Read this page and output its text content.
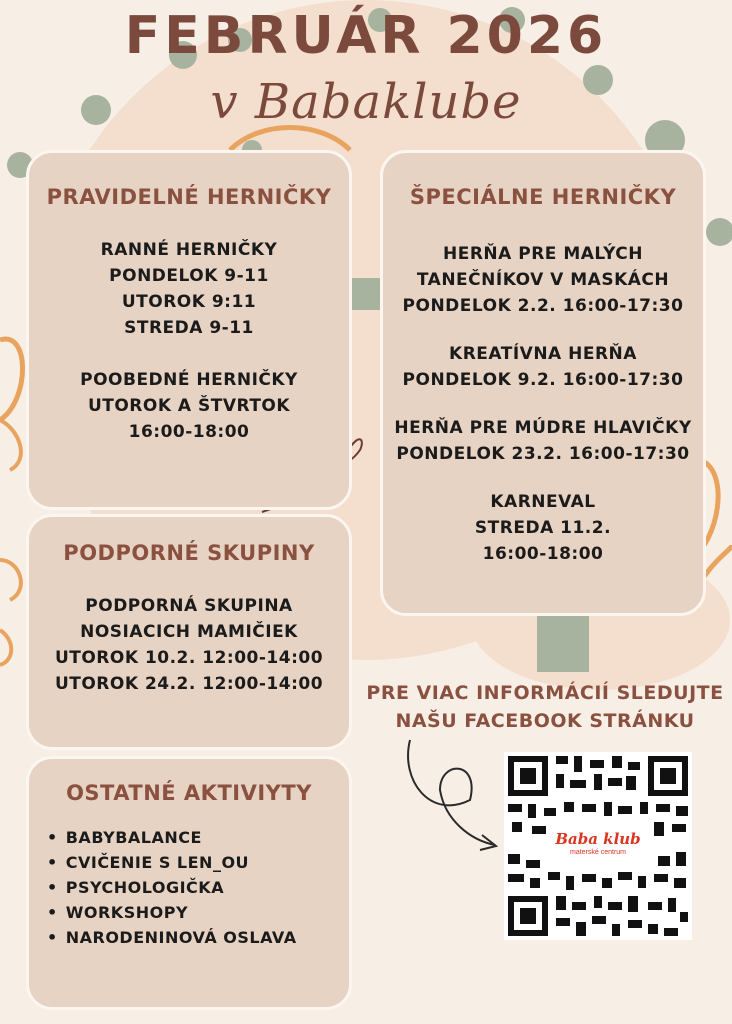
FEBRUÁR 2026
v Babaklube
PRAVIDELNÉ HERNIČKY
RANNÉ HERNIČKY
PONDELOK 9-11
UTOROK 9:11
STREDA 9-11
POOBEDNÉ HERNIČKY
UTOROK A ŠTVRTOK
16:00-18:00
ŠPECIÁLNE HERNIČKY
HERŇA PRE MALÝCH
TANEČNÍKOV V MASKÁCH
PONDELOK 2.2. 16:00-17:30
KREATÍVNA HERŇA
PONDELOK 9.2. 16:00-17:30
HERŇA PRE MÚDRE HLAVIČKY
PONDELOK 23.2. 16:00-17:30
KARNEVAL
STREDA 11.2.
16:00-18:00
PODPORNÉ SKUPINY
PODPORNÁ SKUPINA
NOSIACICH MAMIČIEK
UTOROK 10.2. 12:00-14:00
UTOROK 24.2. 12:00-14:00
OSTATNÉ AKTIVIYTY
• BABYBALANCE
• CVIČENIE S LEN_OU
• PSYCHOLOGIČKA
• WORKSHOPY
• NARODENINOVÁ OSLAVA
PRE VIAC INFORMÁCIÍ SLEDUJTE
NAŠU FACEBOOK STRÁNKU
Baba klub
materské centrum
